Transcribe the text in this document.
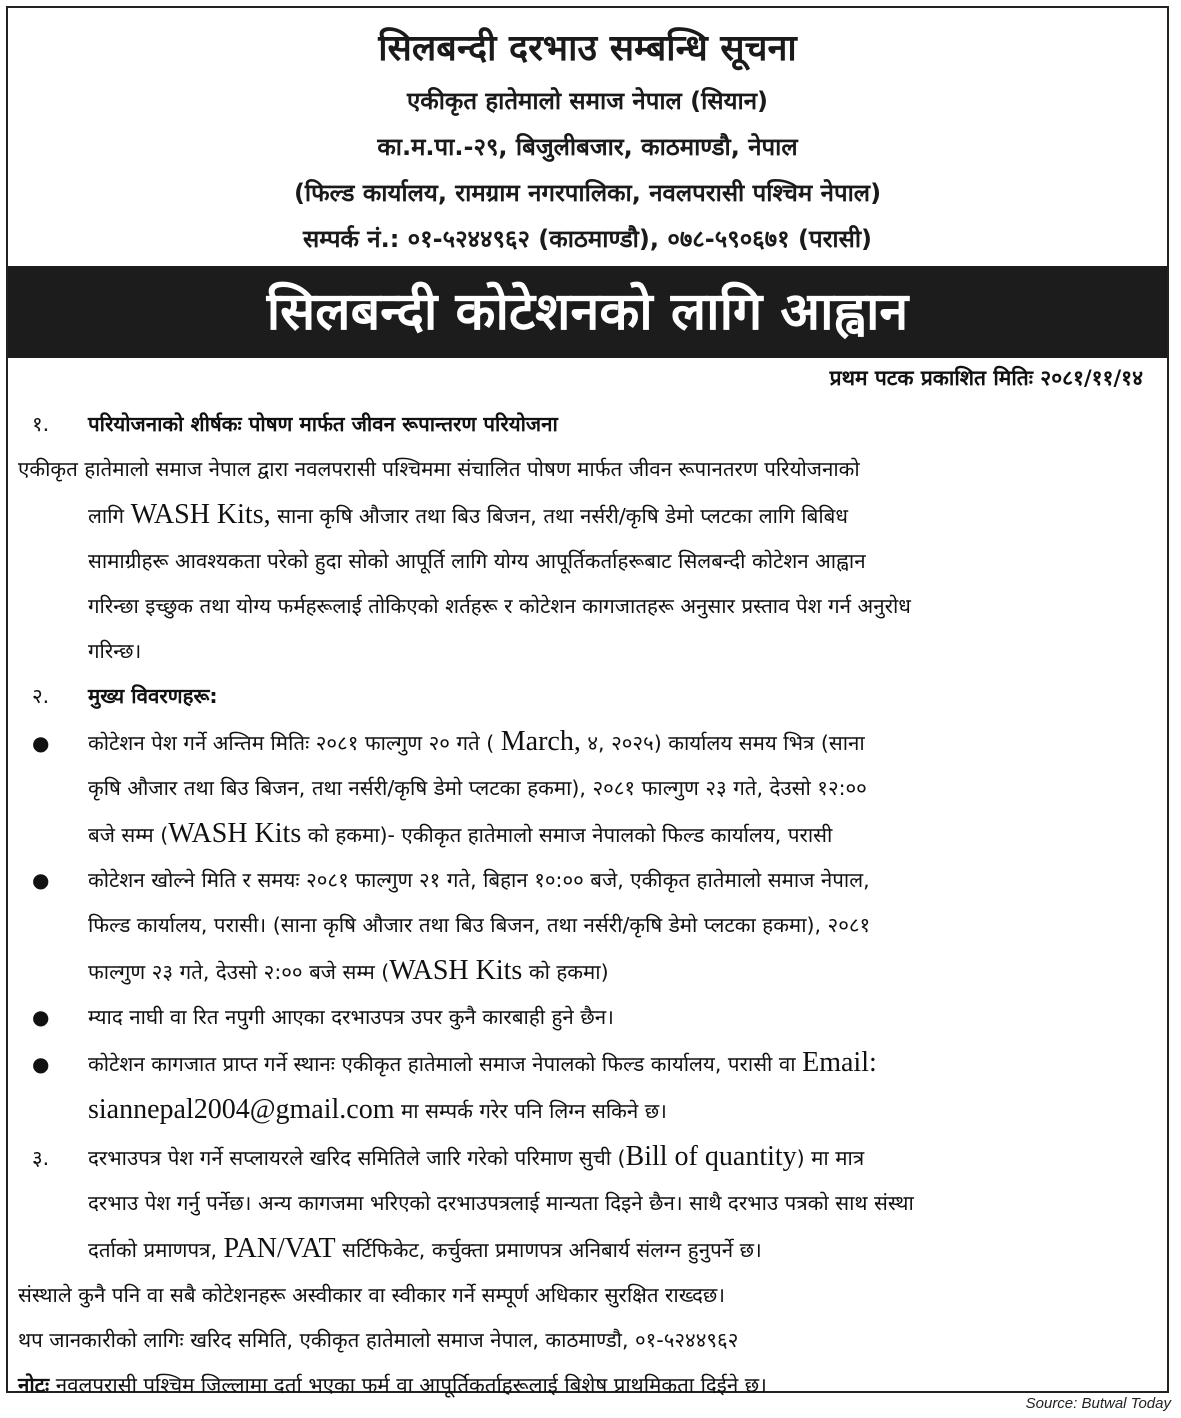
सिलबन्दी दरभाउ सम्बन्धि सूचना
एकीकृत हातेमालो समाज नेपाल (सियान)
का.म.पा.-२९, बिजुलीबजार, काठमाण्डौ, नेपाल
(फिल्ड कार्यालय, रामग्राम नगरपालिका, नवलपरासी पश्चिम नेपाल)
सम्पर्क नं.: ०१-५२४४९६२ (काठमाण्डौ), ०७८-५९०६७१ (परासी)
सिलबन्दी कोटेशनको लागि आह्वान
प्रथम पटक प्रकाशित मितिः २०८१/११/१४
१. परियोजनाको शीर्षकः पोषण मार्फत जीवन रूपान्तरण परियोजना
एकीकृत हातेमालो समाज नेपाल द्वारा नवलपरासी पश्चिममा संचालित पोषण मार्फत जीवन रूपानतरण परियोजनाको
लागि WASH Kits, साना कृषि औजार तथा बिउ बिजन, तथा नर्सरी/कृषि डेमो प्लटका लागि बिबिध
सामाग्रीहरू आवश्यकता परेको हुदा सोको आपूर्ति लागि योग्य आपूर्तिकर्ताहरूबाट सिलबन्दी कोटेशन आह्वान
गरिन्छा इच्छुक तथा योग्य फर्महरूलाई तोकिएको शर्तहरू र कोटेशन कागजातहरू अनुसार प्रस्ताव पेश गर्न अनुरोध
गरिन्छ।
२. मुख्य विवरणहरू:
● कोटेशन पेश गर्ने अन्तिम मितिः २०८१ फाल्गुण २० गते ( March, ४, २०२५) कार्यालय समय भित्र (साना
कृषि औजार तथा बिउ बिजन, तथा नर्सरी/कृषि डेमो प्लटका हकमा), २०८१ फाल्गुण २३ गते, देउसो १२:००
बजे सम्म (WASH Kits को हकमा)- एकीकृत हातेमालो समाज नेपालको फिल्ड कार्यालय, परासी
● कोटेशन खोल्ने मिति र समयः २०८१ फाल्गुण २१ गते, बिहान १०:०० बजे, एकीकृत हातेमालो समाज नेपाल,
फिल्ड कार्यालय, परासी। (साना कृषि औजार तथा बिउ बिजन, तथा नर्सरी/कृषि डेमो प्लटका हकमा), २०८१
फाल्गुण २३ गते, देउसो २:०० बजे सम्म (WASH Kits को हकमा)
● म्याद नाघी वा रित नपुगी आएका दरभाउपत्र उपर कुनै कारबाही हुने छैन।
● कोटेशन कागजात प्राप्त गर्ने स्थानः एकीकृत हातेमालो समाज नेपालको फिल्ड कार्यालय, परासी वा Email:
siannepal2004@gmail.com मा सम्पर्क गरेर पनि लिग्न सकिने छ।
३. दरभाउपत्र पेश गर्ने सप्लायरले खरिद समितिले जारि गरेको परिमाण सुची (Bill of quantity) मा मात्र
दरभाउ पेश गर्नु पर्नेछ। अन्य कागजमा भरिएको दरभाउपत्रलाई मान्यता दिइने छैन। साथै दरभाउ पत्रको साथ संस्था
दर्ताको प्रमाणपत्र, PAN/VAT सर्टिफिकेट, कर्चुक्ता प्रमाणपत्र अनिबार्य संलग्न हुनुपर्ने छ।
संस्थाले कुनै पनि वा सबै कोटेशनहरू अस्वीकार वा स्वीकार गर्ने सम्पूर्ण अधिकार सुरक्षित राख्दछ।
थप जानकारीको लागिः खरिद समिति, एकीकृत हातेमालो समाज नेपाल, काठमाण्डौ, ०१-५२४४९६२
नोटः नवलपरासी पश्चिम जिल्लामा दर्ता भएका फर्म वा आपूर्तिकर्ताहरूलाई बिशेष प्राथमिकता दिईने छ।
Source: Butwal Today
